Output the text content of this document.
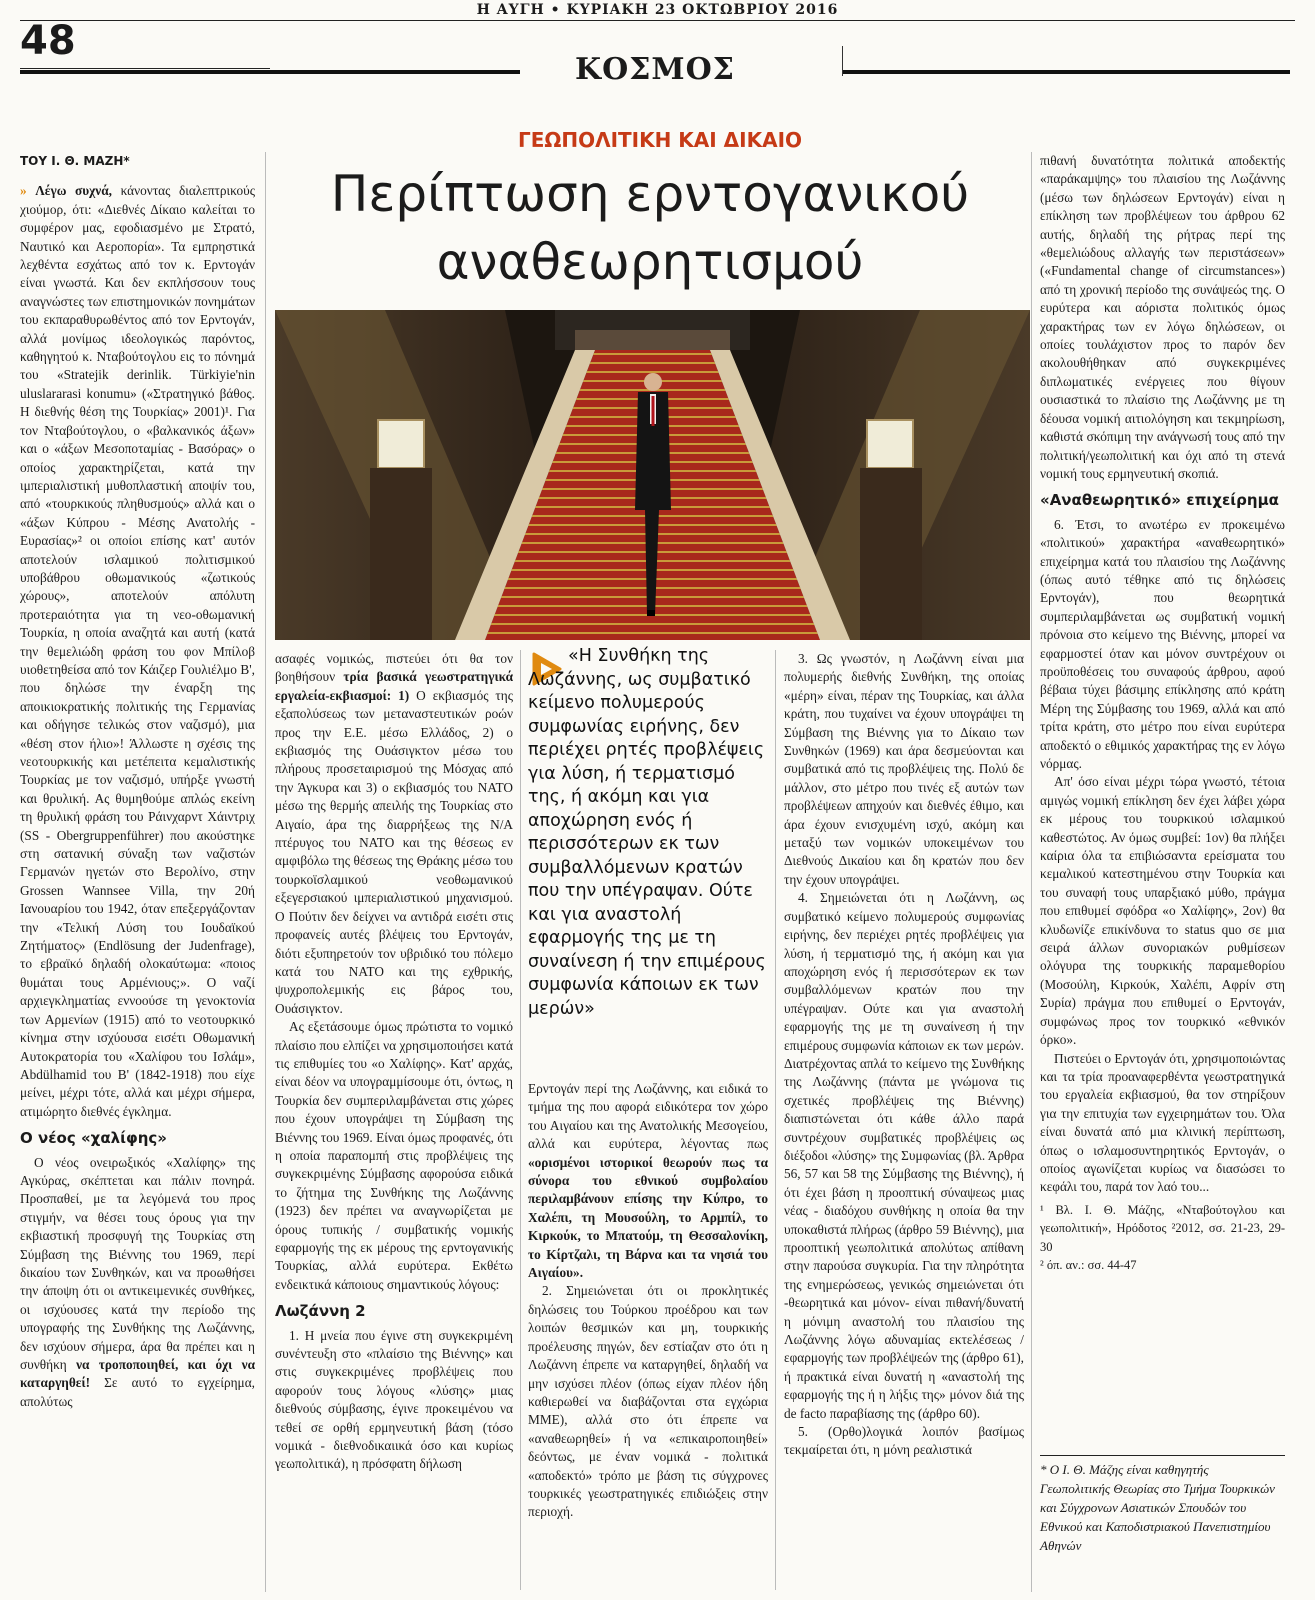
Η ΑΥΓΗ • ΚΥΡΙΑΚΗ 23 ΟΚΤΩΒΡΙΟΥ 2016
48
ΚΟΣΜΟΣ
ΓΕΩΠΟΛΙΤΙΚΗ ΚΑΙ ΔΙΚΑΙΟ
Περίπτωση ερντογανικού
αναθεωρητισμού
ΤΟΥ Ι. Θ. ΜΑΖΗ*

» Λέγω συχνά, κάνοντας διαλεπτρικούς χιούμορ, ότι: «Διεθνές Δίκαιο καλείται το συμφέρον μας, εφοδιασμένο με Στρατό, Ναυτικό και Αεροπορία». Τα εμπρηστικά λεχθέντα εσχάτως από τον κ. Ερντογάν είναι γνωστά. Και δεν εκπλήσσουν τους αναγνώστες των επιστημονικών πονημάτων του εκπαραθυρωθέντος από τον Ερντογάν, αλλά μονίμως ιδεολογικώς παρόντος, καθηγητού κ. Νταβούτογλου εις το πόνημά του «Stratejik derinlik. Türkiyie'nin uluslararasi konumu» («Στρατηγικό βάθος. Η διεθνής θέση της Τουρκίας» 2001)¹. Για τον Νταβούτογλου, ο «βαλκανικός άξων» και ο «άξων Μεσοποταμίας - Βασόρας» ο οποίος χαρακτηρίζεται, κατά την ιμπεριαλιστική μυθοπλαστική αποψίν του, από «τουρκικούς πληθυσμούς» αλλά και ο «άξων Κύπρου - Μέσης Ανατολής - Ευρασίας»² οι οποίοι επίσης κατ' αυτόν αποτελούν ισλαμικού πολιτισμικού υποβάθρου οθωμανικούς «ζωτικούς χώρους», αποτελούν απόλυτη προτεραιότητα για τη νεο-οθωμανική Τουρκία, η οποία αναζητά και αυτή (κατά την θεμελιώδη φράση του φον Μπίλοβ υιοθετηθείσα από τον Κάιζερ Γουλιέλμο Β', που δηλώσε την έναρξη της αποικιοκρατικής πολιτικής της Γερμανίας και οδήγησε τελικώς στον ναζισμό), μια «θέση στον ήλιο»! Άλλωστε η σχέσις της νεοτουρκικής και μετέπειτα κεμαλιστικής Τουρκίας με τον ναζισμό, υπήρξε γνωστή και θρυλική. Ας θυμηθούμε απλώς εκείνη τη θρυλική φράση του Ράινχαρντ Χάιντριχ (SS - Obergruppenführer) που ακούστηκε στη σατανική σύναξη των ναζιστών Γερμανών ηγετών στο Βερολίνο, στην Grossen Wannsee Villa, την 20ή Ιανουαρίου του 1942, όταν επεξεργάζονταν την «Τελική Λύση του Ιουδαϊκού Ζητήματος» (Endlösung der Judenfrage), το εβραϊκό δηλαδή ολοκαύτωμα: «ποιος θυμάται τους Αρμένιους;». Ο ναζί αρχιεγκληματίας εννοούσε τη γενοκτονία των Αρμενίων (1915) από το νεοτουρκικό κίνημα στην ισχύουσα εισέτι Οθωμανική Αυτοκρατορία του «Χαλίφου του Ισλάμ», Abdülhamid του Β' (1842-1918) που είχε μείνει, μέχρι τότε, αλλά και μέχρι σήμερα, ατιμώρητο διεθνές έγκλημα.

Ο νέος «χαλίφης»

Ο νέος ονειρωξικός «Χαλίφης» της Αγκύρας, σκέπτεται και πάλιν πονηρά. Προσπαθεί, με τα λεγόμενά του προς στιγμήν, να θέσει τους όρους για την εκβιαστική προσφυγή της Τουρκίας στη Σύμβαση της Βιέννης του 1969, περί δικαίου των Συνθηκών, και να προωθήσει την άποψη ότι οι αντικειμενικές συνθήκες, οι ισχύουσες κατά την περίοδο της υπογραφής της Συνθήκης της Λωζάννης, δεν ισχύουν σήμερα, άρα θα πρέπει και η συνθήκη να τροποποιηθεί, και όχι να καταργηθεί! Σε αυτό το εγχείρημα, απολύτως

ασαφές νομικώς, πιστεύει ότι θα τον βοηθήσουν τρία βασικά γεωστρατηγικά εργαλεία-εκβιασμοί: 1) Ο εκβιασμός της εξαπολύσεως των μεταναστευτικών ροών προς την Ε.Ε. μέσω Ελλάδος, 2) ο εκβιασμός της Ουάσιγκτον μέσω του πλήρους προσεταιρισμού της Μόσχας από την Άγκυρα και 3) ο εκβιασμός του ΝΑΤΟ μέσω της θερμής απειλής της Τουρκίας στο Αιγαίο, άρα της διαρρήξεως της Ν/Α πτέρυγος του ΝΑΤΟ και της θέσεως εν αμφιβόλω της θέσεως της Θράκης μέσω του τουρκοϊσλαμικού νεοθωμανικού εξεγερσιακού ιμπεριαλιστικού μηχανισμού. Ο Πούτιν δεν δείχνει να αντιδρά εισέτι στις προφανείς αυτές βλέψεις του Ερντογάν, διότι εξυπηρετούν τον υβριδικό του πόλεμο κατά του ΝΑΤΟ και της εχθρικής, ψυχροπολεμικής εις βάρος του, Ουάσιγκτον.

Ας εξετάσουμε όμως πρώτιστα το νομικό πλαίσιο που ελπίζει να χρησιμοποιήσει κατά τις επιθυμίες του «ο Χαλίφης». Κατ' αρχάς, είναι δέον να υπογραμμίσουμε ότι, όντως, η Τουρκία δεν συμπεριλαμβάνεται στις χώρες που έχουν υπογράψει τη Σύμβαση της Βιέννης του 1969. Είναι όμως προφανές, ότι η οποία παραπομπή στις προβλέψεις της συγκεκριμένης Σύμβασης αφορούσα ειδικά το ζήτημα της Συνθήκης της Λωζάννης (1923) δεν πρέπει να αναγνωρίζεται με όρους τυπικής / συμβατικής νομικής εφαρμογής της εκ μέρους της ερντογανικής Τουρκίας, αλλά ευρύτερα. Εκθέτω ενδεικτικά κάποιους σημαντικούς λόγους:

Λωζάννη 2

1. Η μνεία που έγινε στη συγκεκριμένη συνέντευξη στο «πλαίσιο της Βιέννης» και στις συγκεκριμένες προβλέψεις που αφορούν τους λόγους «λύσης» μιας διεθνούς σύμβασης, έγινε προκειμένου να τεθεί σε ορθή ερμηνευτική βάση (τόσο νομικά - διεθνοδικαιικά όσο και κυρίως γεωπολιτικά), η πρόσφατη δήλωση

«Η Συνθήκη της Λωζάννης, ως συμβατικό κείμενο πολυμερούς συμφωνίας ειρήνης, δεν περιέχει ρητές προβλέψεις για λύση, ή τερματισμό της, ή ακόμη και για αποχώρηση ενός ή περισσότερων εκ των συμβαλλόμενων κρατών που την υπέγραψαν. Ούτε και για αναστολή εφαρμογής της με τη συναίνεση ή την επιμέρους συμφωνία κάποιων εκ των μερών»

Ερντογάν περί της Λωζάννης, και ειδικά το τμήμα της που αφορά ειδικότερα τον χώρο του Αιγαίου και της Ανατολικής Μεσογείου, αλλά και ευρύτερα, λέγοντας πως «ορισμένοι ιστορικοί θεωρούν πως τα σύνορα του εθνικού συμβολαίου περιλαμβάνουν επίσης την Κύπρο, το Χαλέπι, τη Μουσούλη, το Αρμπίλ, το Κιρκούκ, το Μπατούμ, τη Θεσσαλονίκη, το Κίρτζαλι, τη Βάρνα και τα νησιά του Αιγαίου».

2. Σημειώνεται ότι οι προκλητικές δηλώσεις του Τούρκου προέδρου και των λοιπών θεσμικών και μη, τουρκικής προέλευσης πηγών, δεν εστίαζαν στο ότι η Λωζάννη έπρεπε να καταργηθεί, δηλαδή να μην ισχύσει πλέον (όπως είχαν πλέον ήδη καθιερωθεί να διαβάζονται στα εγχώρια ΜΜΕ), αλλά στο ότι έπρεπε να «αναθεωρηθεί» ή να «επικαιροποιηθεί» δεόντως, με έναν νομικά - πολιτικά «αποδεκτό» τρόπο με βάση τις σύγχρονες τουρκικές γεωστρατηγικές επιδιώξεις στην περιοχή.

3. Ως γνωστόν, η Λωζάννη είναι μια πολυμερής διεθνής Συνθήκη, της οποίας «μέρη» είναι, πέραν της Τουρκίας, και άλλα κράτη, που τυχαίνει να έχουν υπογράψει τη Σύμβαση της Βιέννης για το Δίκαιο των Συνθηκών (1969) και άρα δεσμεύονται και συμβατικά από τις προβλέψεις της. Πολύ δε μάλλον, στο μέτρο που τινές εξ αυτών των προβλέψεων απηχούν και διεθνές έθιμο, και άρα έχουν ενισχυμένη ισχύ, ακόμη και μεταξύ των νομικών υποκειμένων του Διεθνούς Δικαίου και δη κρατών που δεν την έχουν υπογράψει.

4. Σημειώνεται ότι η Λωζάννη, ως συμβατικό κείμενο πολυμερούς συμφωνίας ειρήνης, δεν περιέχει ρητές προβλέψεις για λύση, ή τερματισμό της, ή ακόμη και για αποχώρηση ενός ή περισσότερων εκ των συμβαλλόμενων κρατών που την υπέγραψαν. Ούτε και για αναστολή εφαρμογής της με τη συναίνεση ή την επιμέρους συμφωνία κάποιων εκ των μερών. Διατρέχοντας απλά το κείμενο της Συνθήκης της Λωζάννης (πάντα με γνώμονα τις σχετικές προβλέψεις της Βιέννης) διαπιστώνεται ότι κάθε άλλο παρά συντρέχουν συμβατικές προβλέψεις ως διέξοδοι «λύσης» της Συμφωνίας (βλ. Άρθρα 56, 57 και 58 της Σύμβασης της Βιέννης), ή ότι έχει βάση η προοπτική σύναψεως μιας νέας - διαδόχου συνθήκης η οποία θα την υποκαθιστά πλήρως (άρθρο 59 Βιέννης), μια προοπτική γεωπολιτικά απολύτως απίθανη στην παρούσα συγκυρία. Για την πληρότητα της ενημερώσεως, γενικώς σημειώνεται ότι -θεωρητικά και μόνον- είναι πιθανή/δυνατή η μόνιμη αναστολή του πλαισίου της Λωζάννης λόγω αδυναμίας εκτελέσεως / εφαρμογής των προβλέψεών της (άρθρο 61), ή πρακτικά είναι δυνατή η «αναστολή της εφαρμογής της ή η λήξις της» μόνον διά της de facto παραβίασης της (άρθρο 60).

5. (Ορθο)λογικά λοιπόν βασίμως τεκμαίρεται ότι, η μόνη ρεαλιστικά

πιθανή δυνατότητα πολιτικά αποδεκτής «παράκαμψης» του πλαισίου της Λωζάννης (μέσω των δηλώσεων Ερντογάν) είναι η επίκληση των προβλέψεων του άρθρου 62 αυτής, δηλαδή της ρήτρας περί της «θεμελιώδους αλλαγής των περιστάσεων» («Fundamental change of circumstances») από τη χρονική περίοδο της συνάψεώς της. Ο ευρύτερα και αόριστα πολιτικός όμως χαρακτήρας των εν λόγω δηλώσεων, οι οποίες τουλάχιστον προς το παρόν δεν ακολουθήθηκαν από συγκεκριμένες διπλωματικές ενέργειες που θίγουν ουσιαστικά το πλαίσιο της Λωζάννης με τη δέουσα νομική αιτιολόγηση και τεκμηρίωση, καθιστά σκόπιμη την ανάγνωσή τους από την πολιτική/γεωπολιτική και όχι από τη στενά νομική τους ερμηνευτική σκοπιά.

«Αναθεωρητικό» επιχείρημα

6. Έτσι, το ανωτέρω εν προκειμένω «πολιτικού» χαρακτήρα «αναθεωρητικό» επιχείρημα κατά του πλαισίου της Λωζάννης (όπως αυτό τέθηκε από τις δηλώσεις Ερντογάν), που θεωρητικά συμπεριλαμβάνεται ως συμβατική νομική πρόνοια στο κείμενο της Βιέννης, μπορεί να εφαρμοστεί όταν και μόνον συντρέχουν οι προϋποθέσεις του συναφούς άρθρου, αφού βέβαια τύχει βάσιμης επίκλησης από κράτη Μέρη της Σύμβασης του 1969, αλλά και από τρίτα κράτη, στο μέτρο που είναι ευρύτερα αποδεκτό ο εθιμικός χαρακτήρας της εν λόγω νόρμας.

Απ' όσο είναι μέχρι τώρα γνωστό, τέτοια αμιγώς νομική επίκληση δεν έχει λάβει χώρα εκ μέρους του τουρκικού ισλαμικού καθεστώτος. Αν όμως συμβεί: 1ον) θα πλήξει καίρια όλα τα επιβιώσαντα ερείσματα του κεμαλικού κατεστημένου στην Τουρκία και του συναφή τους υπαρξιακό μύθο, πράγμα που επιθυμεί σφόδρα «ο Χαλίφης», 2ον) θα κλυδωνίζε επικίνδυνα το status quo σε μια σειρά άλλων συνοριακών ρυθμίσεων ολόγυρα της τουρκικής παραμεθορίου (Μοσούλη, Κιρκούκ, Χαλέπι, Αφρίν στη Συρία) πράγμα που επιθυμεί ο Ερντογάν, συμφώνως προς τον τουρκικό «εθνικόν όρκο».

Πιστεύει ο Ερντογάν ότι, χρησιμοποιώντας και τα τρία προαναφερθέντα γεωστρατηγικά του εργαλεία εκβιασμού, θα τον στηρίξουν για την επιτυχία των εγχειρημάτων του. Όλα είναι δυνατά από μια κλινική περίπτωση, όπως ο ισλαμοσυντηρητικός Ερντογάν, ο οποίος αγωνίζεται κυρίως να διασώσει το κεφάλι του, παρά τον λαό του...

¹ Βλ. Ι. Θ. Μάζης, «Νταβούτογλου και γεωπολιτική», Ηρόδοτος ²2012, σσ. 21-23, 29-30

² όπ. αν.: σσ. 44-47

* Ο Ι. Θ. Μάζης είναι καθηγητής Γεωπολιτικής Θεωρίας στο Τμήμα Τουρκικών και Σύγχρονων Ασιατικών Σπουδών του Εθνικού και Καποδιστριακού Πανεπιστημίου Αθηνών
